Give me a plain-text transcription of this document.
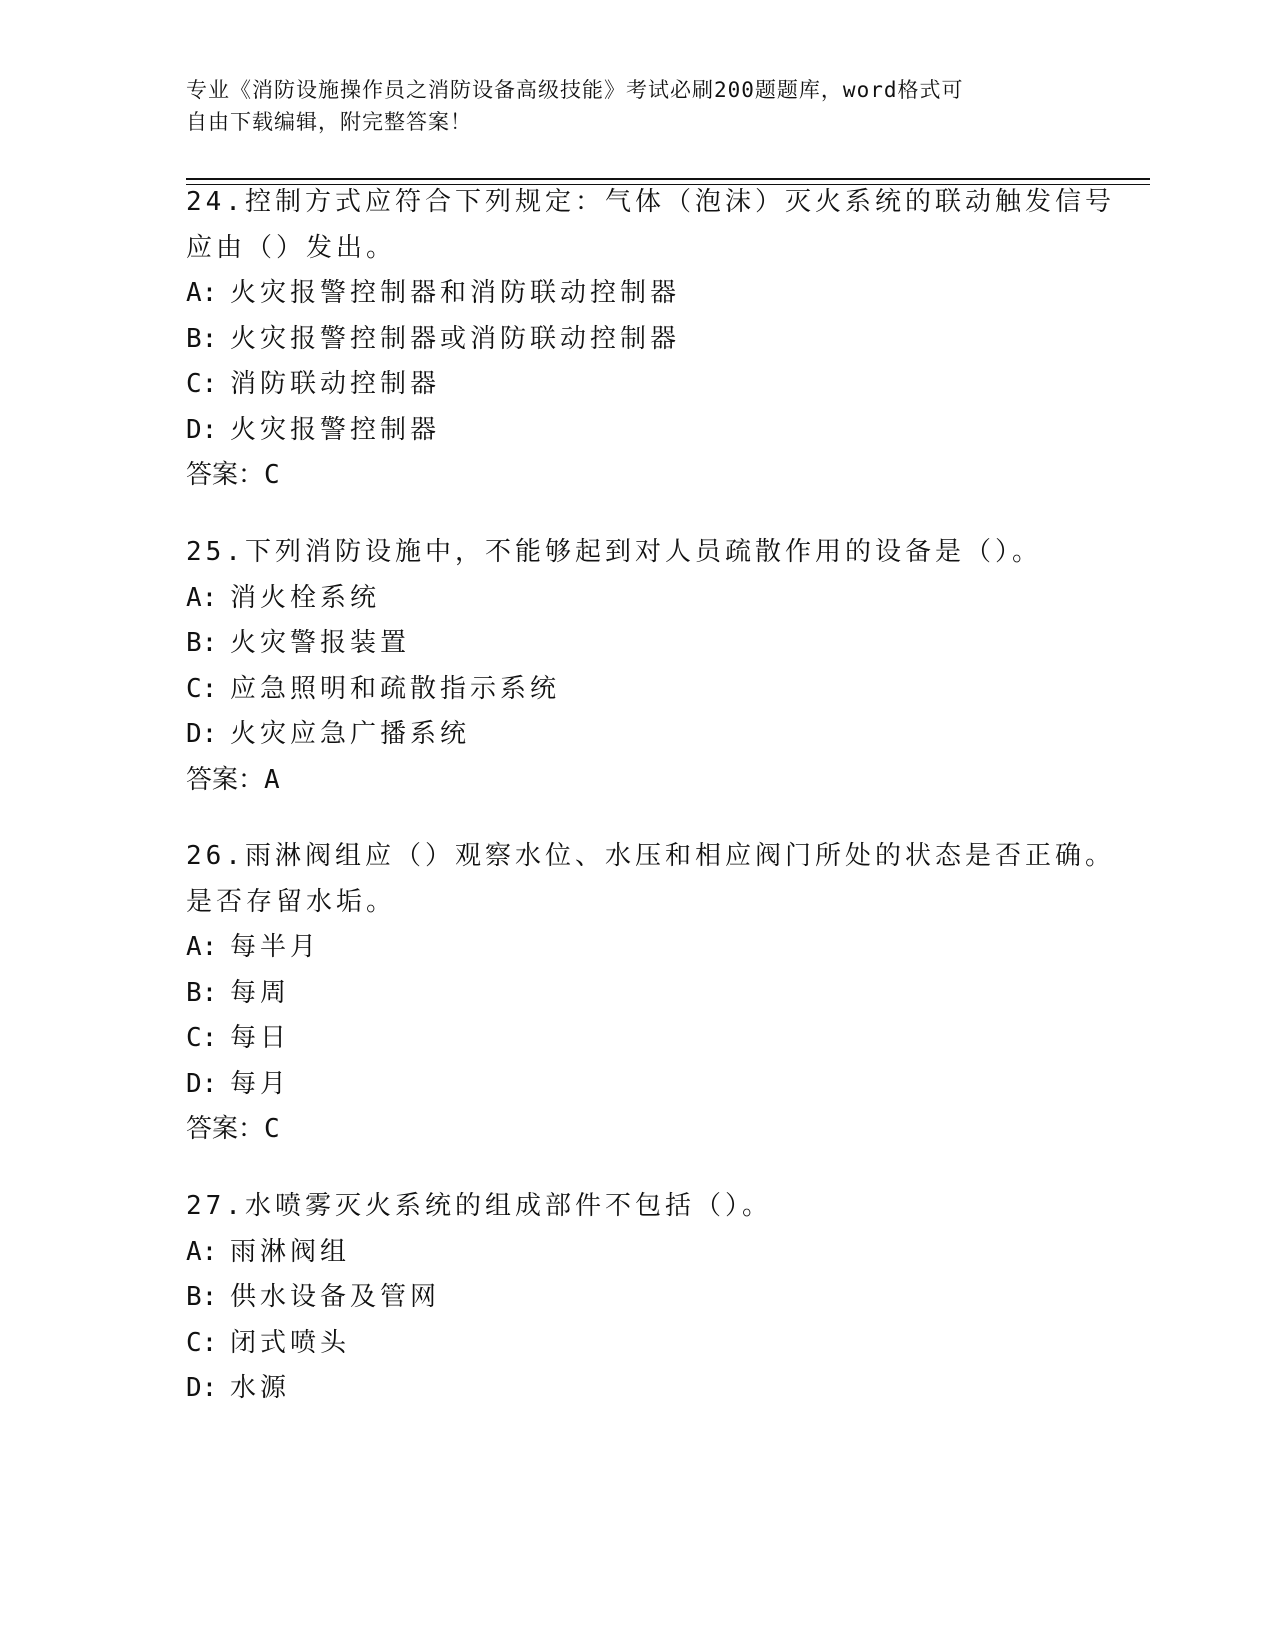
专业《消防设施操作员之消防设备高级技能》考试必刷200题题库，word格式可
自由下载编辑，附完整答案！
24.控制方式应符合下列规定：气体（泡沫）灭火系统的联动触发信号
应由（）发出。
A: 火灾报警控制器和消防联动控制器
B: 火灾报警控制器或消防联动控制器
C: 消防联动控制器
D: 火灾报警控制器
答案：C
25.下列消防设施中，不能够起到对人员疏散作用的设备是（）。
A: 消火栓系统
B: 火灾警报装置
C: 应急照明和疏散指示系统
D: 火灾应急广播系统
答案：A
26.雨淋阀组应（）观察水位、水压和相应阀门所处的状态是否正确。
是否存留水垢。
A: 每半月
B: 每周
C: 每日
D: 每月
答案：C
27.水喷雾灭火系统的组成部件不包括（）。
A: 雨淋阀组
B: 供水设备及管网
C: 闭式喷头
D: 水源
